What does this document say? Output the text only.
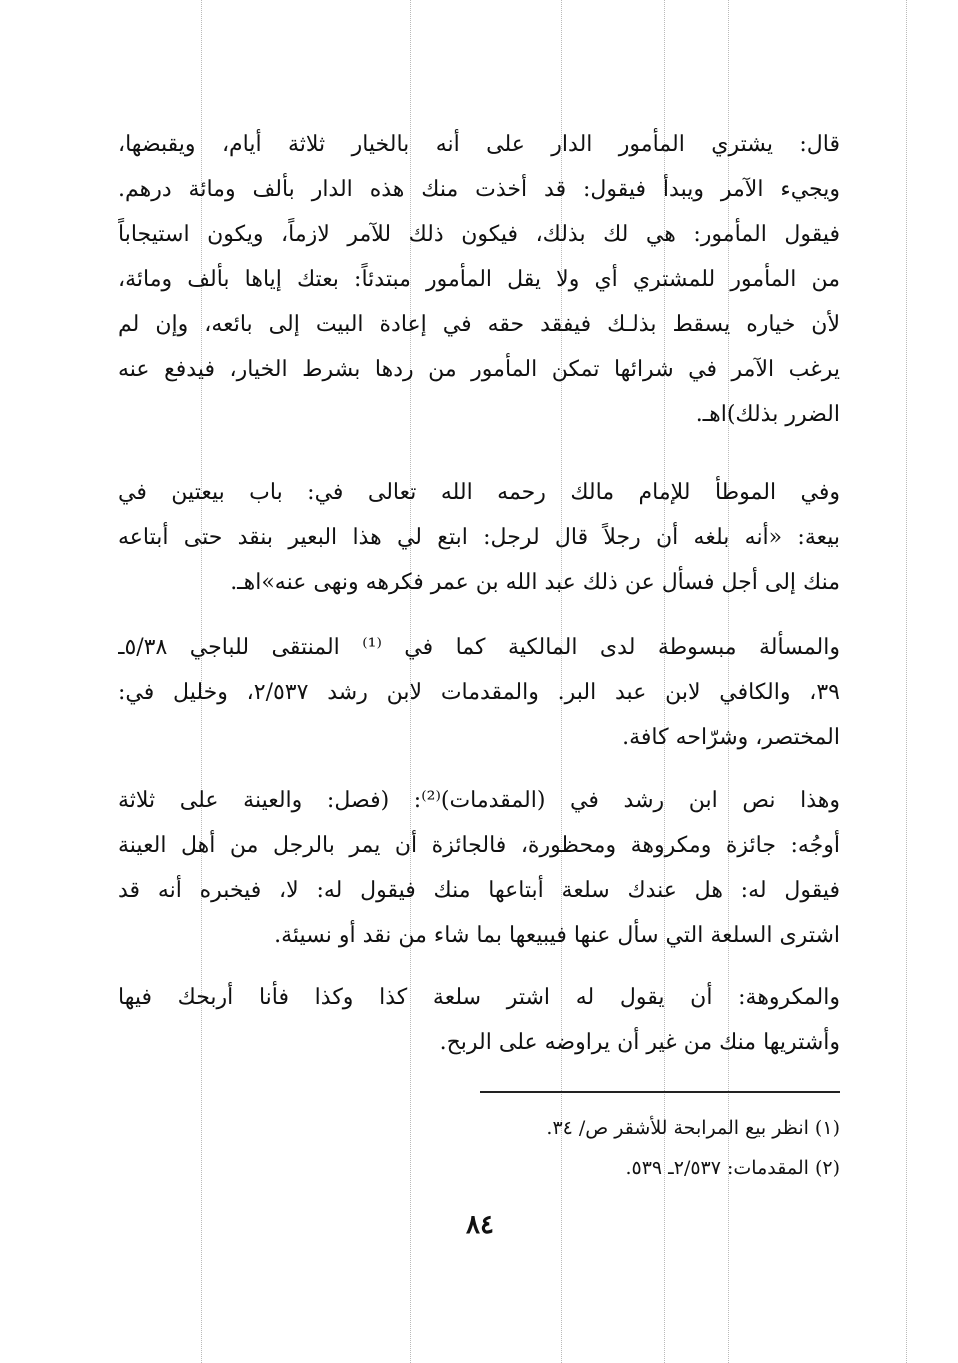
قال: يشتري المأمور الدار على أنه بالخيار ثلاثة أيام، ويقبضها،
ويجيء الآمر ويبدأ فيقول: قد أخذت منك هذه الدار بألف ومائة درهم.
فيقول المأمور: هي لك بذلك، فيكون ذلك للآمر لازماً، ويكون استيجاباً
من المأمور للمشتري أي ولا يقل المأمور مبتدئاً: بعتك إياها بألف ومائة،
لأن خياره يسقط بذلـك فيفقد حقه في إعادة البيت إلى بائعه، وإن لم
يرغب الآمر في شرائها تمكن المأمور من ردها بشرط الخيار، فيدفع عنه
الضرر بذلك)اهـ.
وفي الموطأ للإمام مالك رحمه الله تعالى في: باب بيعتين في
بيعة: «أنه بلغه أن رجلاً قال لرجل: ابتع لي هذا البعير بنقد حتى أبتاعه
منك إلى أجل فسأل عن ذلك عبد الله بن عمر فكرهه ونهى عنه»اهـ.
والمسألة مبسوطة لدى المالكية كما في ⁽¹⁾ المنتقى للباجي ٥/٣٨ـ
٣٩، والكافي لابن عبد البر. والمقدمات لابن رشد ٢/٥٣٧، وخليل في:
المختصر، وشرّاحه كافة.
وهذا نص ابن رشد في (المقدمات)⁽²⁾: (فصل: والعينة على ثلاثة
أوجُه: جائزة ومكروهة ومحظورة، فالجائزة أن يمر بالرجل من أهل العينة
فيقول له: هل عندك سلعة أبتاعها منك فيقول له: لا، فيخبره أنه قد
اشترى السلعة التي سأل عنها فيبيعها بما شاء من نقد أو نسيئة.
والمكروهة: أن يقول له اشتر سلعة كذا وكذا فأنا أربحك فيها
وأشتريها منك من غير أن يراوضه على الربح.
(١) انظر بيع المرابحة للأشقر ص/ ٣٤.
(٢) المقدمات: ٢/٥٣٧ـ ٥٣٩.
٨٤
